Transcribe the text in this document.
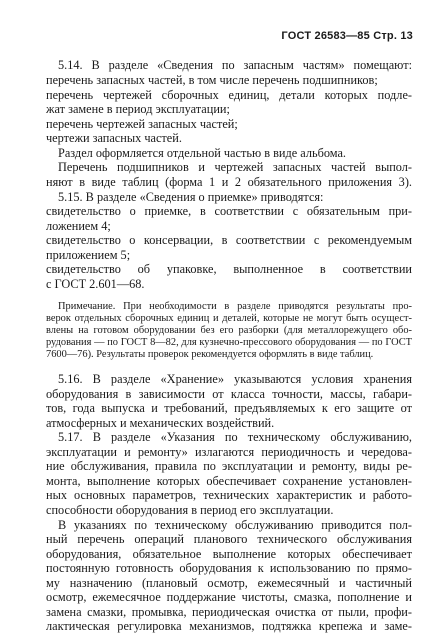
ГОСТ 26583—85 Стр. 13
5.14. В разделе «Сведения по запасным частям» помещают:
перечень запасных частей, в том числе перечень подшипников;
перечень чертежей сборочных единиц, детали которых подле-
жат замене в период эксплуатации;
перечень чертежей запасных частей;
чертежи запасных частей.
Раздел оформляется отдельной частью в виде альбома.
Перечень подшипников и чертежей запасных частей выпол-
няют в виде таблиц (форма 1 и 2 обязательного приложения 3).
5.15. В разделе «Сведения о приемке» приводятся:
свидетельство о приемке, в соответствии с обязательным при-
ложением 4;
свидетельство о консервации, в соответствии с рекомендуемым
приложением 5;
свидетельство об упаковке, выполненное в соответствии
с ГОСТ 2.601—68.
Примечание. При необходимости в разделе приводятся результаты про-
верок отдельных сборочных единиц и деталей, которые не могут быть осущест-
влены на готовом оборудовании без его разборки (для металлорежущего обо-
рудования — по ГОСТ 8—82, для кузнечно-прессового оборудования — по ГОСТ
7600—76). Результаты проверок рекомендуется оформлять в виде таблиц.
5.16. В разделе «Хранение» указываются условия хранения
оборудования в зависимости от класса точности, массы, габари-
тов, года выпуска и требований, предъявляемых к его защите от
атмосферных и механических воздействий.
5.17. В разделе «Указания по техническому обслуживанию,
эксплуатации и ремонту» излагаются периодичность и чередова-
ние обслуживания, правила по эксплуатации и ремонту, виды ре-
монта, выполнение которых обеспечивает сохранение установлен-
ных основных параметров, технических характеристик и работо-
способности оборудования в период его эксплуатации.
В указаниях по техническому обслуживанию приводится пол-
ный перечень операций планового технического обслуживания
оборудования, обязательное выполнение которых обеспечивает
постоянную готовность оборудования к использованию по прямо-
му назначению (плановый осмотр, ежемесячный и частичный
осмотр, ежемесячное поддержание чистоты, смазка, пополнение и
замена смазки, промывка, периодическая очистка от пыли, профи-
лактическая регулировка механизмов, подтяжка крепежа и заме-
